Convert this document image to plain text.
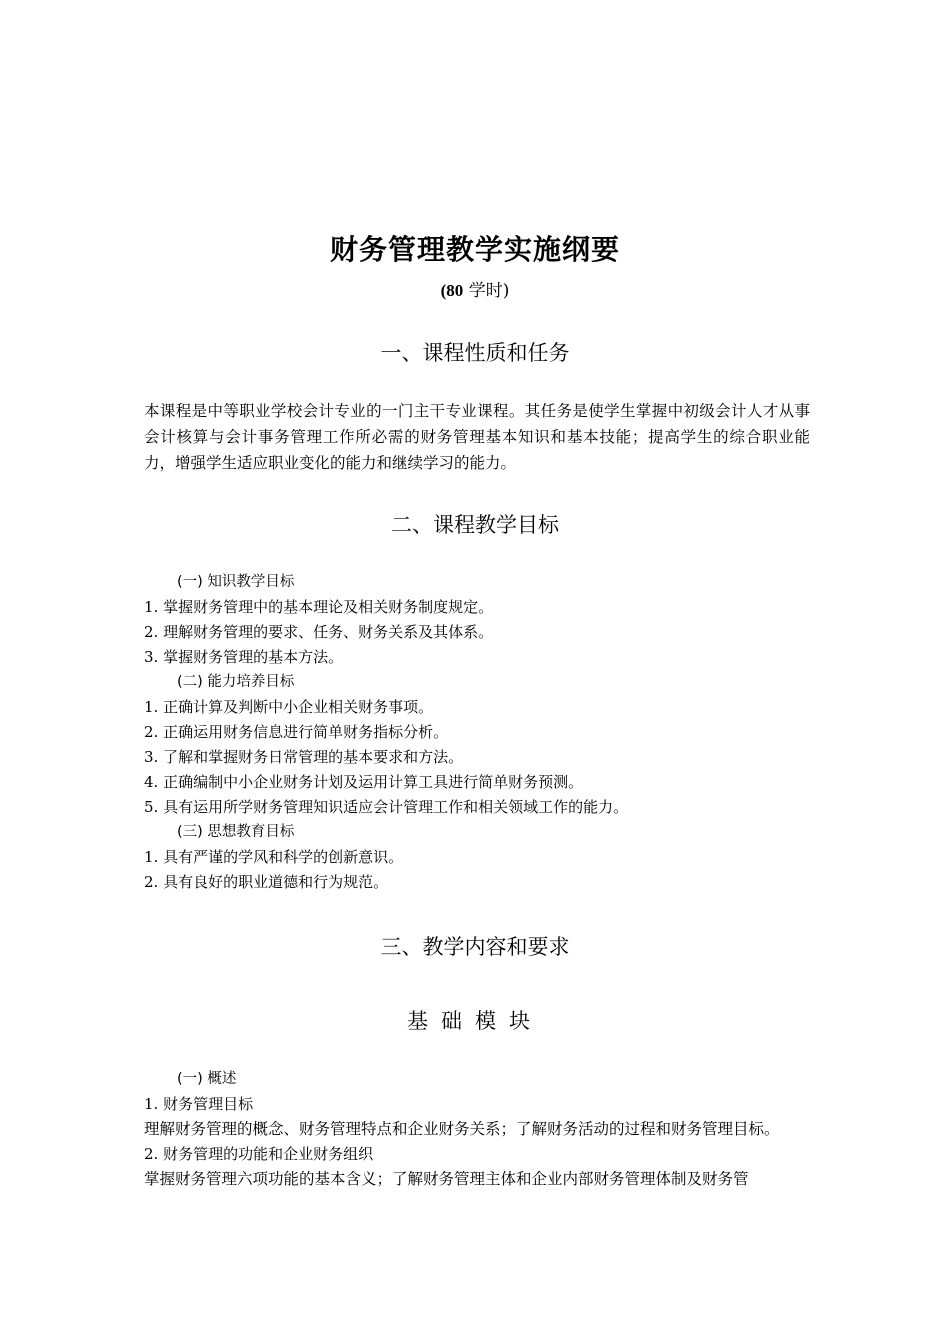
财务管理教学实施纲要
(80 学时)
一、课程性质和任务
本课程是中等职业学校会计专业的一门主干专业课程。其任务是使学生掌握中初级会计人才从事会计核算与会计事务管理工作所必需的财务管理基本知识和基本技能；提高学生的综合职业能力，增强学生适应职业变化的能力和继续学习的能力。
二、课程教学目标
(一) 知识教学目标
1. 掌握财务管理中的基本理论及相关财务制度规定。
2. 理解财务管理的要求、任务、财务关系及其体系。
3. 掌握财务管理的基本方法。
(二) 能力培养目标
1. 正确计算及判断中小企业相关财务事项。
2. 正确运用财务信息进行简单财务指标分析。
3. 了解和掌握财务日常管理的基本要求和方法。
4. 正确编制中小企业财务计划及运用计算工具进行简单财务预测。
5. 具有运用所学财务管理知识适应会计管理工作和相关领域工作的能力。
(三) 思想教育目标
1. 具有严谨的学风和科学的创新意识。
2. 具有良好的职业道德和行为规范。
三、教学内容和要求
基础模块
(一) 概述
1. 财务管理目标
理解财务管理的概念、财务管理特点和企业财务关系；了解财务活动的过程和财务管理目标。
2. 财务管理的功能和企业财务组织
掌握财务管理六项功能的基本含义；了解财务管理主体和企业内部财务管理体制及财务管
